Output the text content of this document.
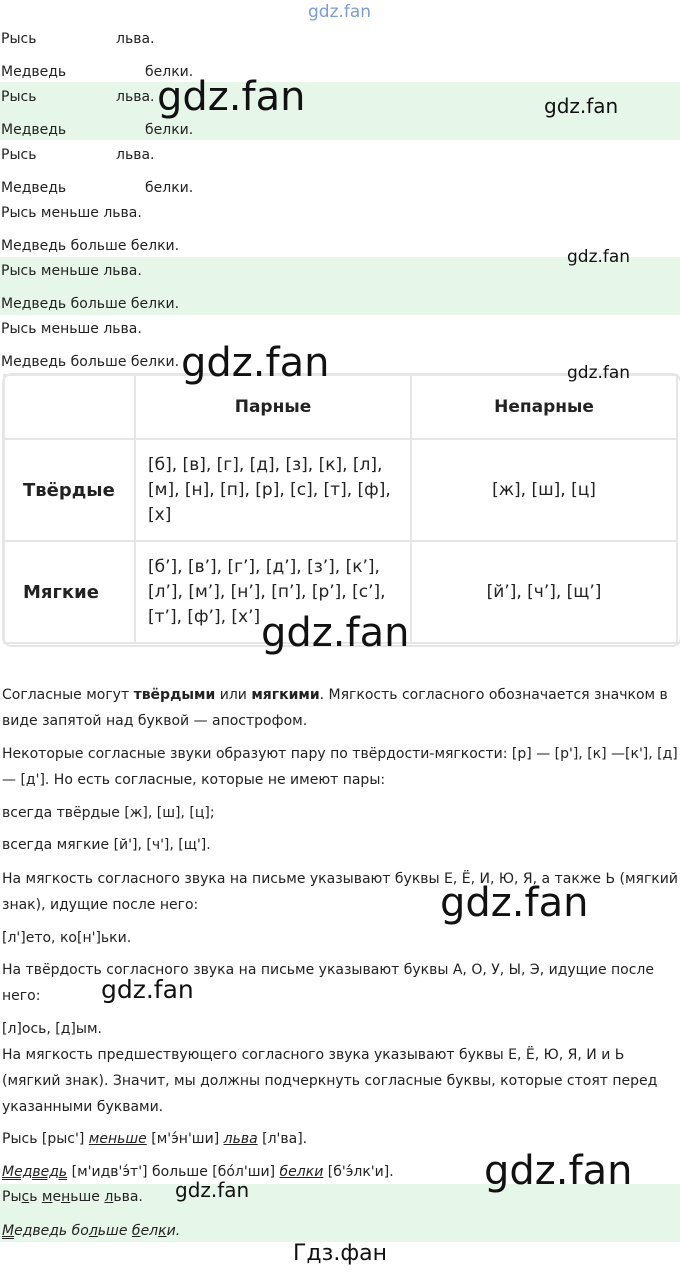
gdz.fan
Рысь	льва.
Медведь	белки.
Рысь	льва.
Медведь	белки.
Рысь	льва.
Медведь	белки.
Рысь меньше льва.
Медведь больше белки.
Рысь меньше льва.
Медведь больше белки.
Рысь меньше льва.
Медведь больше белки.
	Парные	Непарные
Твёрдые	[б], [в], [г], [д], [з], [к], [л],
[м], [н], [п], [р], [с], [т], [ф],
[х]	[ж], [ш], [ц]
Мягкие	[б’], [в’], [г’], [д’], [з’], [к’],
[л’], [м’], [н’], [п’], [р’], [с’],
[т’], [ф’], [х’]	[й’], [ч’], [щ’]
Согласные могут твёрдыми или мягкими. Мягкость согласного обозначается значком в виде запятой над буквой — апострофом.
Некоторые согласные звуки образуют пару по твёрдости-мягкости: [р] — [р'], [к] —[к'], [д] — [д']. Но есть согласные, которые не имеют пары:
всегда твёрдые [ж], [ш], [ц];
всегда мягкие [й'], [ч'], [щ'].
На мягкость согласного звука на письме указывают буквы Е, Ё, И, Ю, Я, а также Ь (мягкий знак), идущие после него:
[л']ето, ко[н']ьки.
На твёрдость согласного звука на письме указывают буквы А, О, У, Ы, Э, идущие после него:
[л]ось, [д]ым.
На мягкость предшествующего согласного звука указывают буквы Е, Ё, Ю, Я, И и Ь (мягкий знак). Значит, мы должны подчеркнуть согласные буквы, которые стоят перед указанными буквами.
Рысь [рыс'] меньше [м'э́н'ши] льва [л'ва].
Медведь [м'идв'э́т'] больше [бо́л'ши] белки [б'э́лк'и].
Рысь меньше льва.
Медведь больше белки.
gdz.fan	gdz.fan
gdz.fan
gdz.fan	gdz.fan
gdz.fan
gdz.fan
gdz.fan
gdz.fan
gdz.fan
Гдз.фан
